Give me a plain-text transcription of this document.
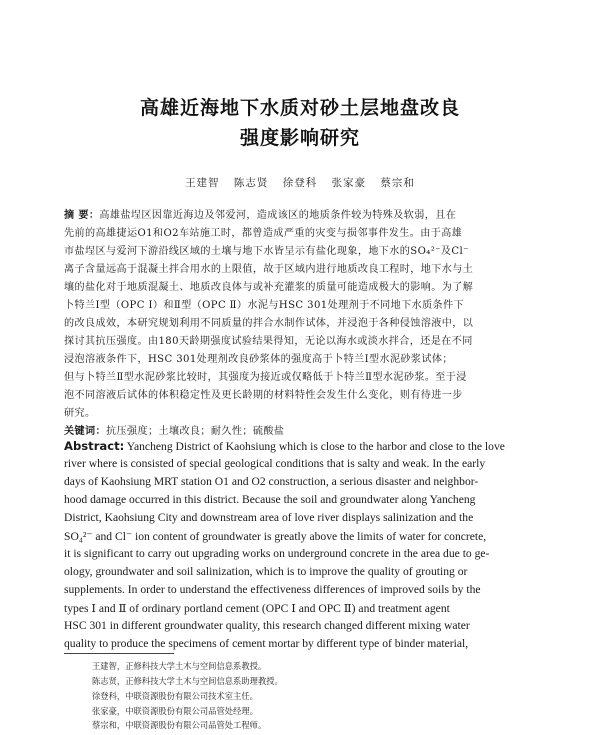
高雄近海地下水质对砂土层地盘改良
强度影响研究
王建智 陈志贤 徐登科 张家豪 蔡宗和
摘 要：高雄盐埕区因靠近海边及邻爱河，造成该区的地质条件较为特殊及软弱，且在
先前的高雄捷运O1和O2车站施工时，都曾造成严重的灾变与损邻事件发生。由于高雄
市盐埕区与爱河下游沿线区域的土壤与地下水皆呈示有盐化现象，地下水的SO₄²⁻及Cl⁻
离子含量远高于混凝土拌合用水的上限值，故于区域内进行地质改良工程时，地下水与土
壤的盐化对于地质混凝土、地质改良体与或补充灌浆的质量可能造成极大的影响。为了解
卜特兰Ⅰ型（OPC Ⅰ）和Ⅱ型（OPC Ⅱ）水泥与HSC 301处理剂于不同地下水质条件下
的改良成效，本研究规划利用不同质量的拌合水制作试体，并浸泡于各种侵蚀溶液中，以
探讨其抗压强度。由180天龄期强度试验结果得知，无论以海水或淡水拌合，还是在不同
浸泡溶液条件下，HSC 301处理剂改良砂浆体的强度高于卜特兰Ⅰ型水泥砂浆试体；
但与卜特兰Ⅱ型水泥砂浆比较时，其强度为接近或仅略低于卜特兰Ⅱ型水泥砂浆。至于浸
泡不同溶液后试体的体积稳定性及更长龄期的材料特性会发生什么变化，则有待进一步
研究。
关键词：抗压强度；土壤改良；耐久性；硫酸盐
Abstract: Yancheng District of Kaohsiung which is close to the harbor and close to the love
river where is consisted of special geological conditions that is salty and weak. In the early
days of Kaohsiung MRT station O1 and O2 construction, a serious disaster and neighbor-
hood damage occurred in this district. Because the soil and groundwater along Yancheng
District, Kaohsiung City and downstream area of love river displays salinization and the
SO₄²⁻ and Cl⁻ ion content of groundwater is greatly above the limits of water for concrete,
it is significant to carry out upgrading works on underground concrete in the area due to ge-
ology, groundwater and soil salinization, which is to improve the quality of grouting or
supplements. In order to understand the effectiveness differences of improved soils by the
types Ⅰ and Ⅱ of ordinary portland cement (OPC Ⅰ and OPC Ⅱ) and treatment agent
HSC 301 in different groundwater quality, this research changed different mixing water
quality to produce the specimens of cement mortar by different type of binder material,
王建智，正修科技大学土木与空间信息系教授。
陈志贤，正修科技大学土木与空间信息系助理教授。
徐登科，中联资源股份有限公司技术室主任。
张家豪，中联资源股份有限公司品管处经理。
蔡宗和，中联资源股份有限公司品管处工程师。
